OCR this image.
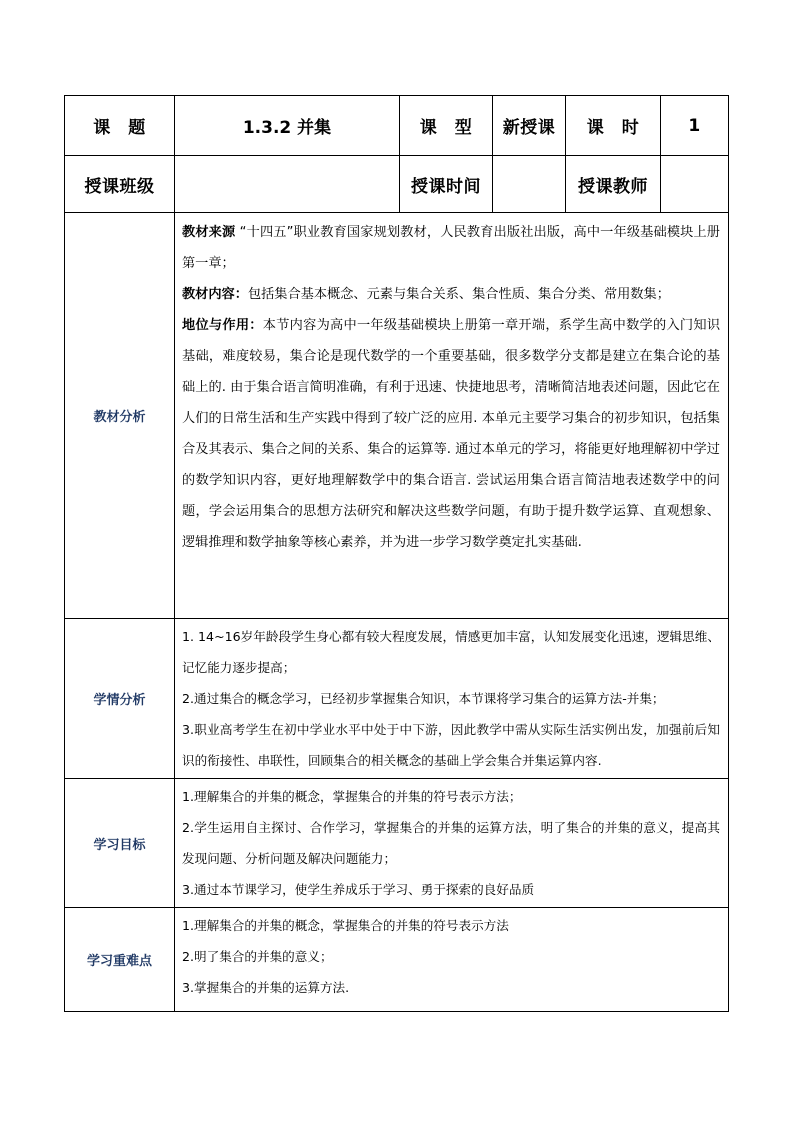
课　题	1.3.2 并集	课　型	新授课	课　时	1
授课班级		授课时间		授课教师	
教材分析	教材来源 “十四五”职业教育国家规划教材，人民教育出版社出版，高中一年级基础模块上册第一章；

教材内容：包括集合基本概念、元素与集合关系、集合性质、集合分类、常用数集；

地位与作用：本节内容为高中一年级基础模块上册第一章开端，系学生高中数学的入门知识基础，难度较易，集合论是现代数学的一个重要基础，很多数学分支都是建立在集合论的基础上的. 由于集合语言简明准确，有利于迅速、快捷地思考，清晰简洁地表述问题，因此它在人们的日常生活和生产实践中得到了较广泛的应用. 本单元主要学习集合的初步知识，包括集合及其表示、集合之间的关系、集合的运算等. 通过本单元的学习，将能更好地理解初中学过的数学知识内容，更好地理解数学中的集合语言. 尝试运用集合语言简洁地表述数学中的问题，学会运用集合的思想方法研究和解决这些数学问题，有助于提升数学运算、直观想象、逻辑推理和数学抽象等核心素养，并为进一步学习数学奠定扎实基础.				

学情分析	1. 14~16岁年龄段学生身心都有较大程度发展，情感更加丰富，认知发展变化迅速，逻辑思维、记忆能力逐步提高；

2.通过集合的概念学习，已经初步掌握集合知识，本节课将学习集合的运算方法-并集；

3.职业高考学生在初中学业水平中处于中下游，因此教学中需从实际生活实例出发，加强前后知识的衔接性、串联性，回顾集合的相关概念的基础上学会集合并集运算内容.				

学习目标	1.理解集合的并集的概念，掌握集合的并集的符号表示方法；

2.学生运用自主探讨、合作学习，掌握集合的并集的运算方法，明了集合的并集的意义，提高其发现问题、分析问题及解决问题能力；

3.通过本节课学习，使学生养成乐于学习、勇于探索的良好品质				

学习重难点	1.理解集合的并集的概念，掌握集合的并集的符号表示方法

2.明了集合的并集的意义；

3.掌握集合的并集的运算方法.				
